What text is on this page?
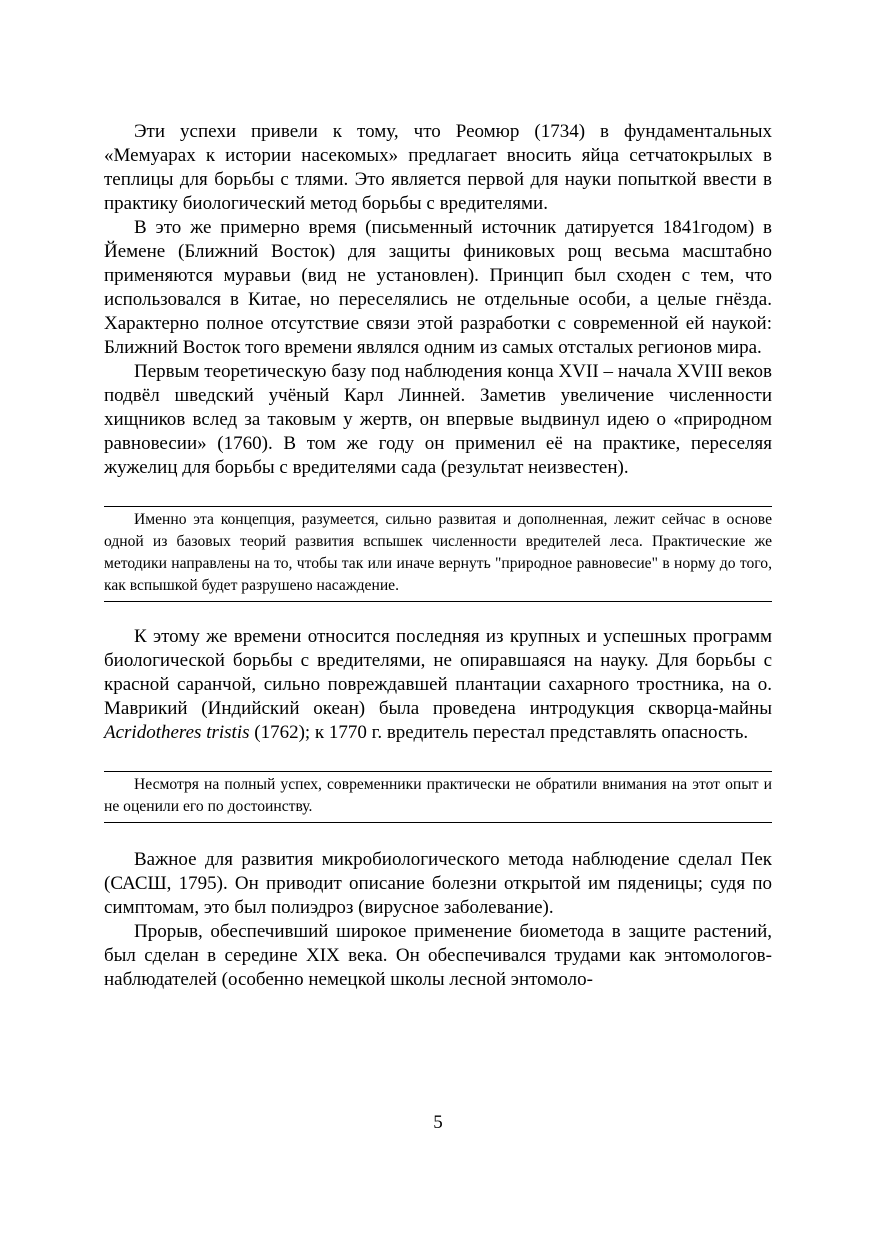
Эти успехи привели к тому, что Реомюр (1734) в фундаментальных «Мемуарах к истории насекомых» предлагает вносить яйца сетчатокрылых в теплицы для борьбы с тлями. Это является первой для науки попыткой ввести в практику биологический метод борьбы с вредителями.

В это же примерно время (письменный источник датируется 1841годом) в Йемене (Ближний Восток) для защиты финиковых рощ весьма масштабно применяются муравьи (вид не установлен). Принцип был сходен с тем, что использовался в Китае, но переселялись не отдельные особи, а целые гнёзда. Характерно полное отсутствие связи этой разработки с современной ей наукой: Ближний Восток того времени являлся одним из самых отсталых регионов мира.

Первым теоретическую базу под наблюдения конца XVII – начала XVIII веков подвёл шведский учёный Карл Линней. Заметив увеличение численности хищников вслед за таковым у жертв, он впервые выдвинул идею о «природном равновесии» (1760). В том же году он применил её на практике, переселяя жужелиц для борьбы с вредителями сада (результат неизвестен).

Именно эта концепция, разумеется, сильно развитая и дополненная, лежит сейчас в основе одной из базовых теорий развития вспышек численности вредителей леса. Практические же методики направлены на то, чтобы так или иначе вернуть "природное равновесие" в норму до того, как вспышкой будет разрушено насаждение.

К этому же времени относится последняя из крупных и успешных программ биологической борьбы с вредителями, не опиравшаяся на науку. Для борьбы с красной саранчой, сильно повреждавшей плантации сахарного тростника, на о. Маврикий (Индийский океан) была проведена интродукция скворца-майны Acridotheres tristis (1762); к 1770 г. вредитель перестал представлять опасность.

Несмотря на полный успех, современники практически не обратили внимания на этот опыт и не оценили его по достоинству.

Важное для развития микробиологического метода наблюдение сделал Пек (САСШ, 1795). Он приводит описание болезни открытой им пяденицы; судя по симптомам, это был полиэдроз (вирусное заболевание).

Прорыв, обеспечивший широкое применение биометода в защите растений, был сделан в середине XIX века. Он обеспечивался трудами как энтомологов-наблюдателей (особенно немецкой школы лесной энтомоло-

5
